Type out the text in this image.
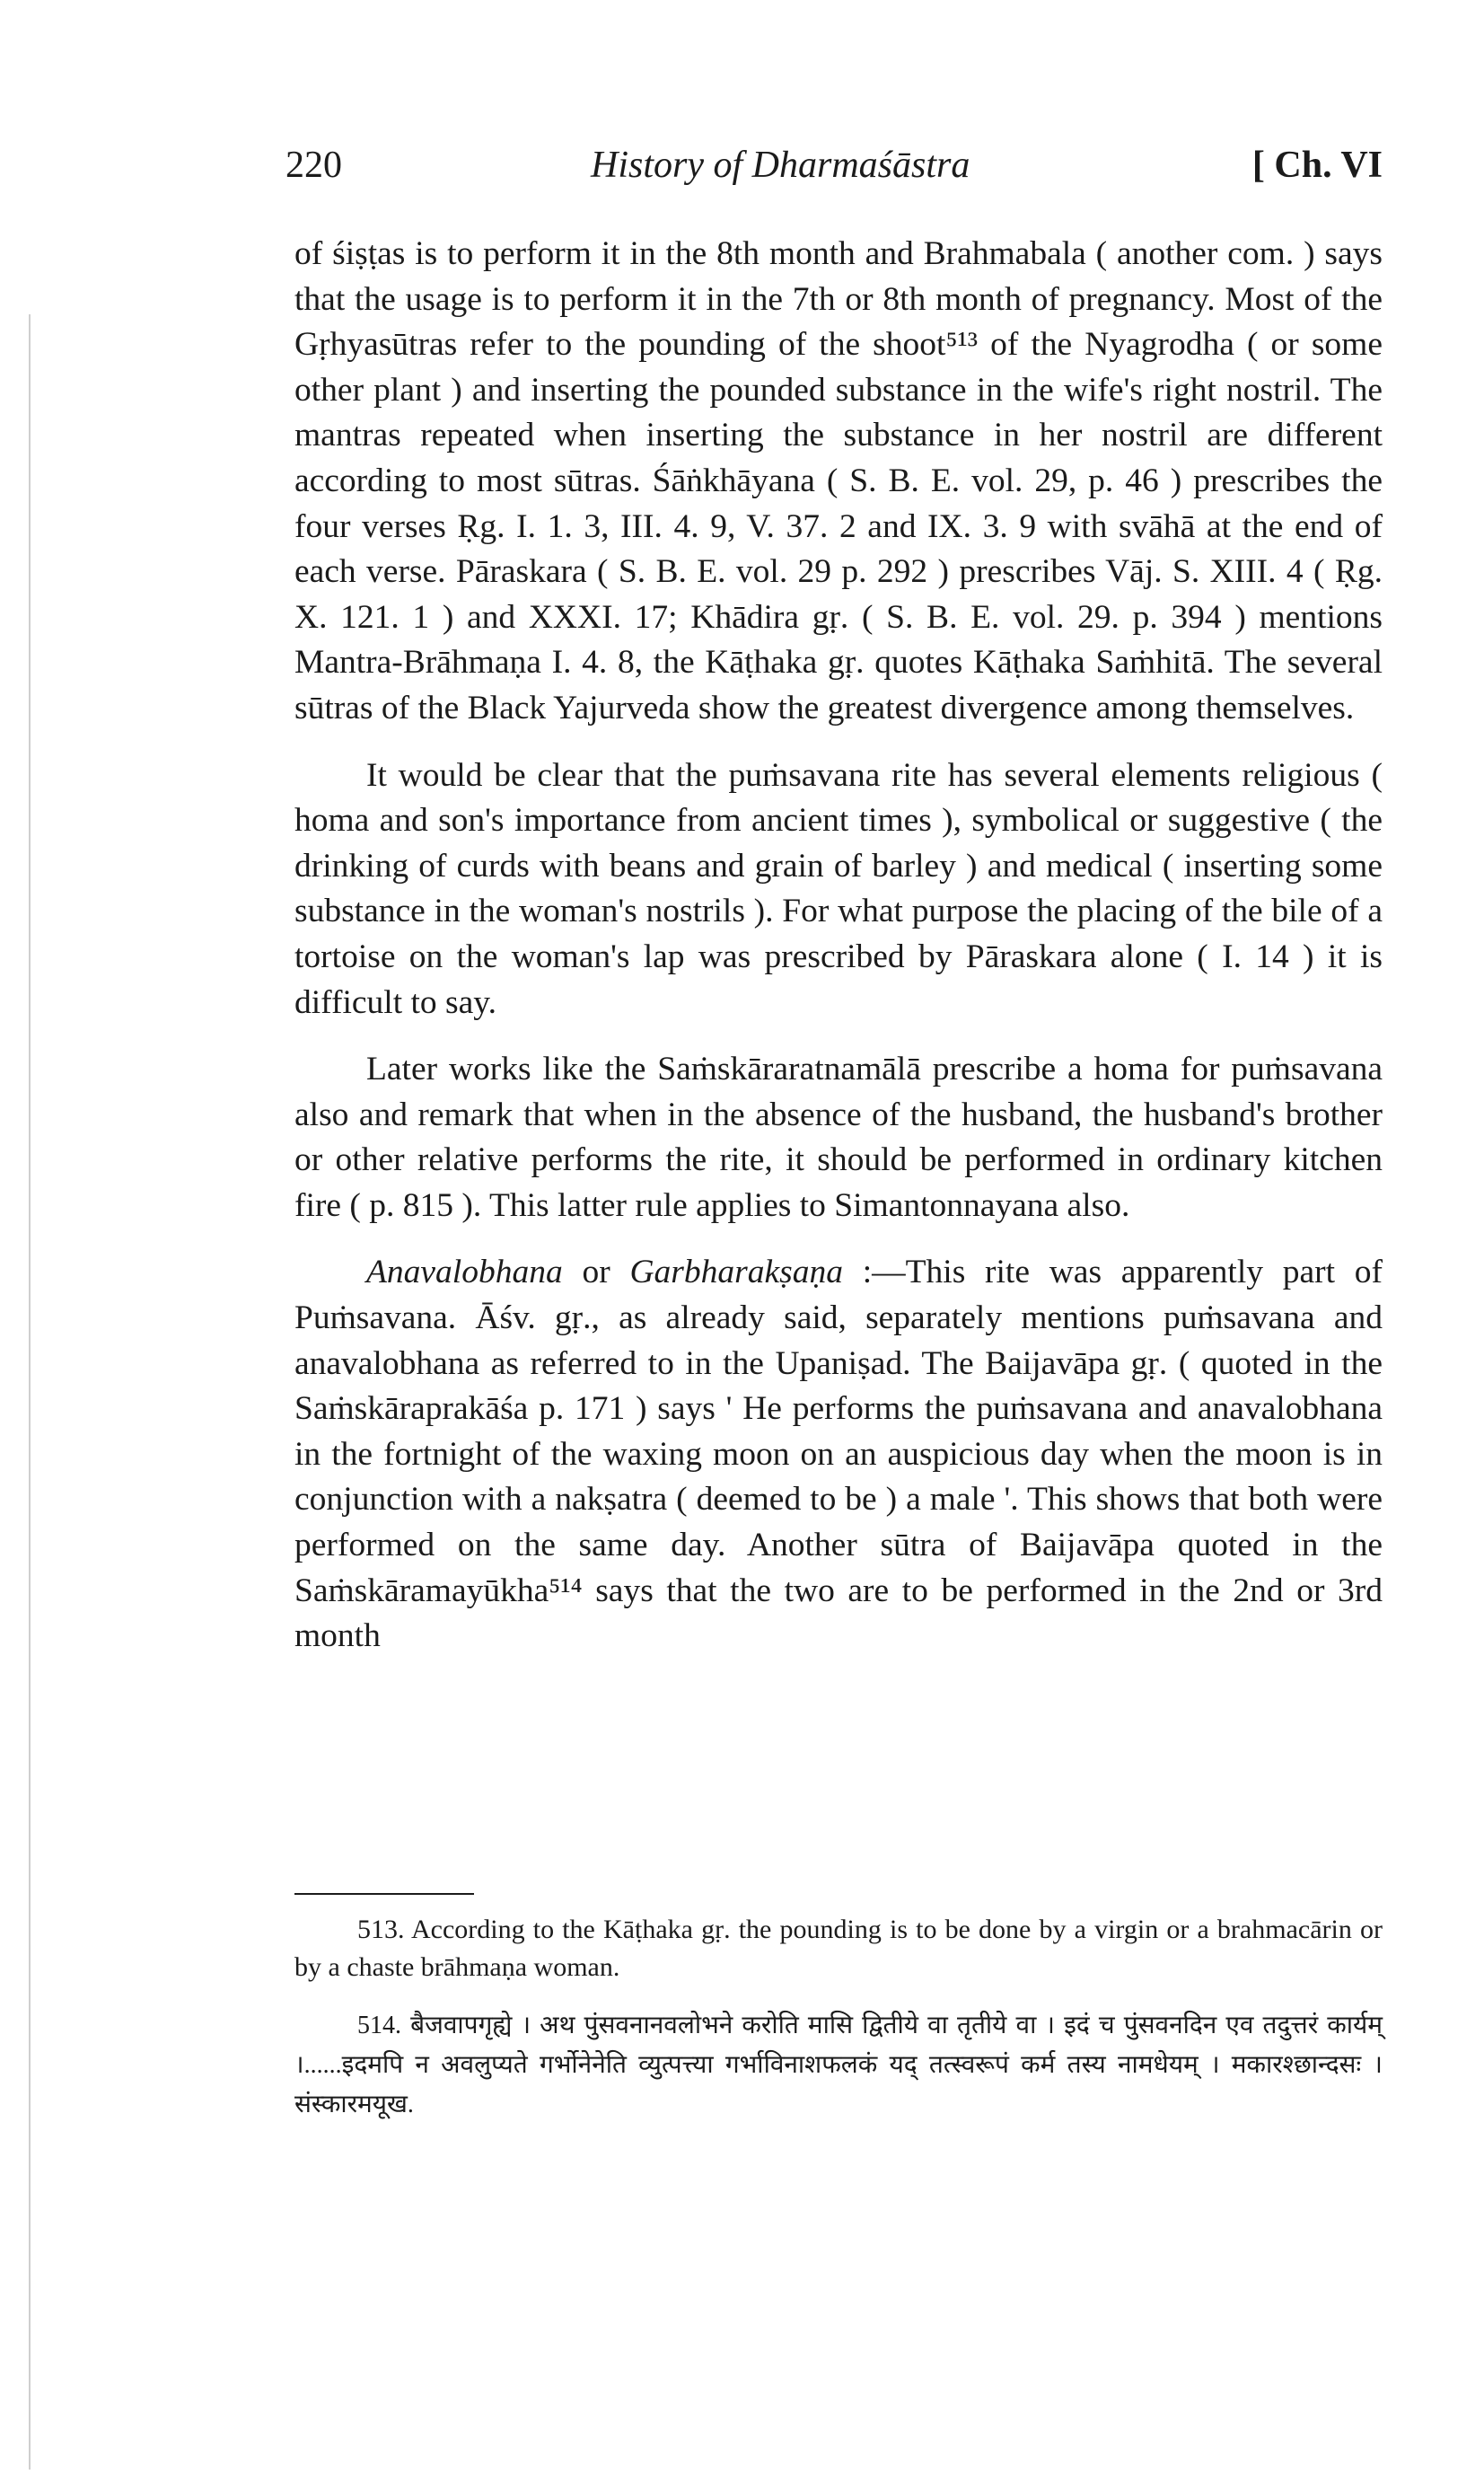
220	History of Dharmaśāstra	[ Ch. VI

of śiṣṭas is to perform it in the 8th month and Brahmabala ( another com. ) says that the usage is to perform it in the 7th or 8th month of pregnancy. Most of the Gṛhyasūtras refer to the pounding of the shoot⁵¹³ of the Nyagrodha ( or some other plant ) and inserting the pounded substance in the wife's right nostril. The mantras repeated when inserting the substance in her nostril are different according to most sūtras. Śāṅkhāyana ( S. B. E. vol. 29, p. 46 ) prescribes the four verses Ṛg. I. 1. 3, III. 4. 9, V. 37. 2 and IX. 3. 9 with svāhā at the end of each verse. Pāraskara ( S. B. E. vol. 29 p. 292 ) prescribes Vāj. S. XIII. 4 ( Ṛg. X. 121. 1 ) and XXXI. 17; Khādira gṛ. ( S. B. E. vol. 29. p. 394 ) mentions Mantra-Brāhmaṇa I. 4. 8, the Kāṭhaka gṛ. quotes Kāṭhaka Saṁhitā. The several sūtras of the Black Yajurveda show the greatest divergence among themselves.

It would be clear that the puṁsavana rite has several elements religious ( homa and son's importance from ancient times ), symbolical or suggestive ( the drinking of curds with beans and grain of barley ) and medical ( inserting some substance in the woman's nostrils ). For what purpose the placing of the bile of a tortoise on the woman's lap was prescribed by Pāraskara alone ( I. 14 ) it is difficult to say.

Later works like the Saṁskāraratnamālā prescribe a homa for puṁsavana also and remark that when in the absence of the husband, the husband's brother or other relative performs the rite, it should be performed in ordinary kitchen fire ( p. 815 ). This latter rule applies to Simantonnayana also.

Anavalobhana or Garbharakṣaṇa :—This rite was apparently part of Puṁsavana. Āśv. gṛ., as already said, separately mentions puṁsavana and anavalobhana as referred to in the Upaniṣad. The Baijavāpa gṛ. ( quoted in the Saṁskāraprakāśa p. 171 ) says ' He performs the puṁsavana and anavalobhana in the fortnight of the waxing moon on an auspicious day when the moon is in conjunction with a nakṣatra ( deemed to be ) a male '. This shows that both were performed on the same day. Another sūtra of Baijavāpa quoted in the Saṁskāramayūkha⁵¹⁴ says that the two are to be performed in the 2nd or 3rd month

513. According to the Kāṭhaka gṛ. the pounding is to be done by a virgin or a brahmacārin or by a chaste brāhmaṇa woman.

514. बैजवापगृह्ये । अथ पुंसवनानवलोभने करोति मासि द्वितीये वा तृतीये वा । इदं च पुंसवनदिन एव तदुत्तरं कार्यम् ।......इदमपि न अवलुप्यते गर्भोनेनेति व्युत्पत्त्या गर्भाविनाशफलकं यद् तत्स्वरूपं कर्म तस्य नामधेयम् । मकारश्छान्दसः । संस्कारमयूख.
